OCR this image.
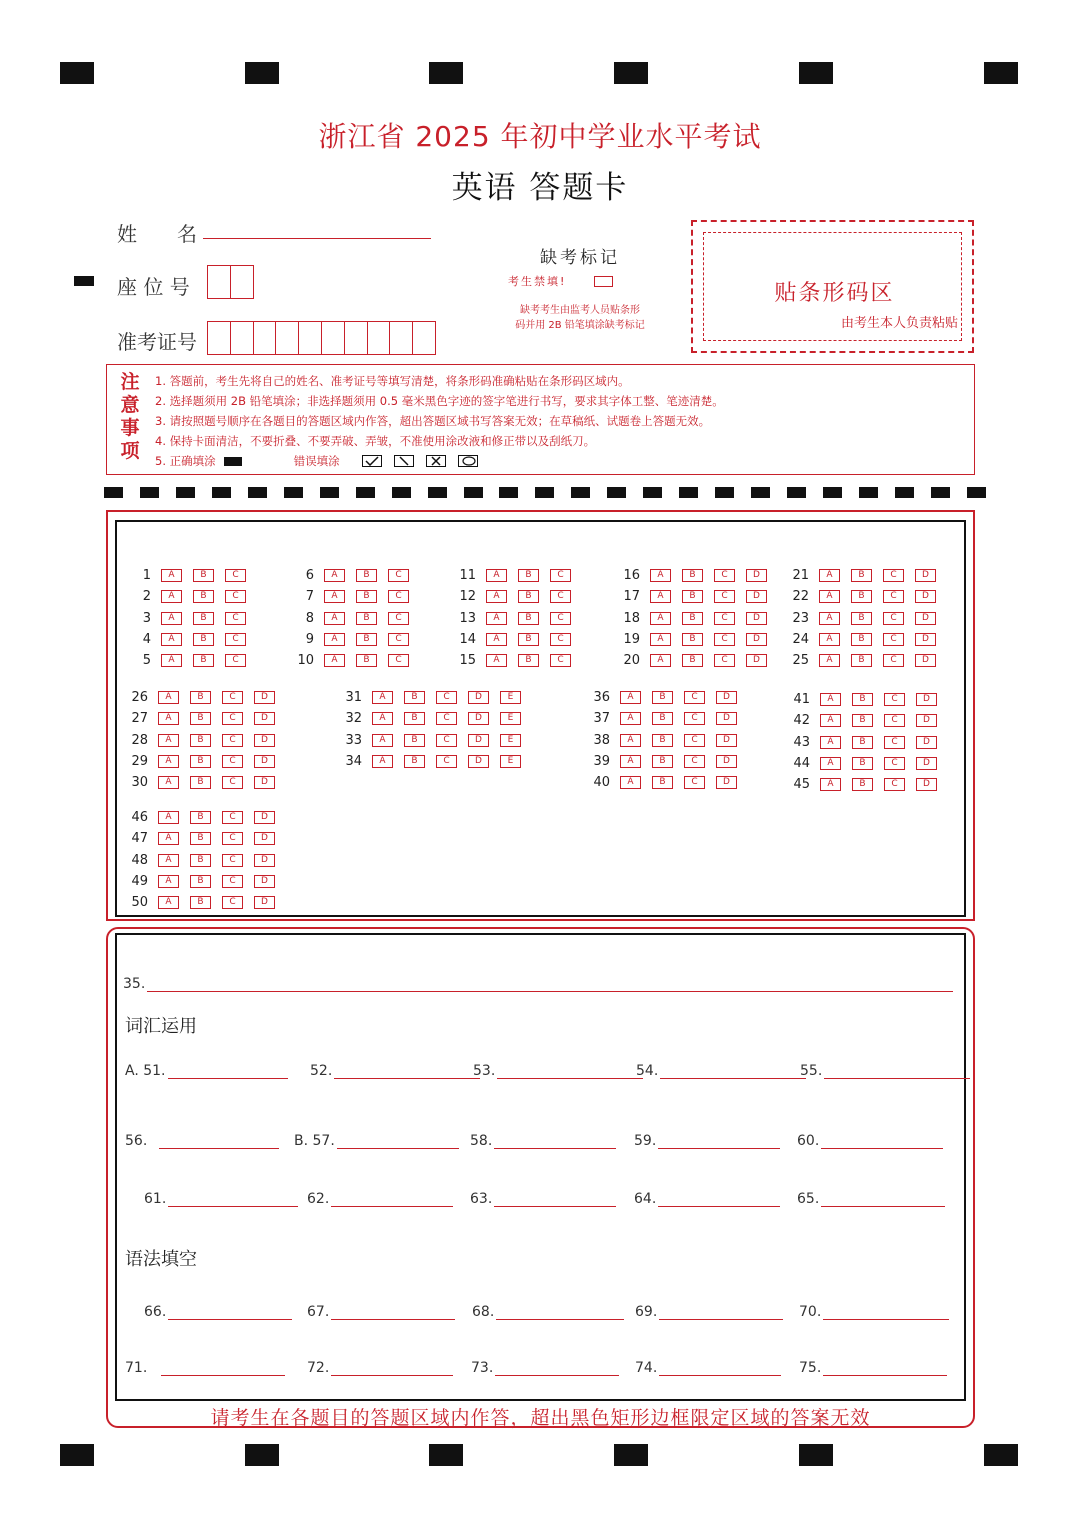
浙江省 2025 年初中学业水平考试
英语 答题卡
姓　　名
座 位 号
准考证号
缺考标记
考生禁填!
缺考考生由监考人员贴条形
码并用 2B 铅笔填涂缺考标记
贴条形码区
由考生本人负责粘贴
注
意
事
项
1. 答题前，考生先将自己的姓名、准考证号等填写清楚，将条形码准确粘贴在条形码区域内。
2. 选择题须用 2B 铅笔填涂；非选择题须用 0.5 毫米黑色字迹的签字笔进行书写，要求其字体工整、笔迹清楚。
3. 请按照题号顺序在各题目的答题区域内作答，超出答题区域书写答案无效；在草稿纸、试题卷上答题无效。
4. 保持卡面清洁，不要折叠、不要弄破、弄皱，不准使用涂改液和修正带以及刮纸刀。
5. 正确填涂	错误填涂
35.
词汇运用
语法填空
请考生在各题目的答题区域内作答，超出黑色矩形边框限定区域的答案无效
1	A	B	C
2	A	B	C
3	A	B	C
4	A	B	C
5	A	B	C
6	A	B	C
7	A	B	C
8	A	B	C
9	A	B	C
10	A	B	C
11	A	B	C
12	A	B	C
13	A	B	C
14	A	B	C
15	A	B	C
16	A	B	C	D
17	A	B	C	D
18	A	B	C	D
19	A	B	C	D
20	A	B	C	D
21	A	B	C	D
22	A	B	C	D
23	A	B	C	D
24	A	B	C	D
25	A	B	C	D
26	A	B	C	D
27	A	B	C	D
28	A	B	C	D
29	A	B	C	D
30	A	B	C	D
31	A	B	C	D	E
32	A	B	C	D	E
33	A	B	C	D	E
34	A	B	C	D	E
36	A	B	C	D
37	A	B	C	D
38	A	B	C	D
39	A	B	C	D
40	A	B	C	D
41	A	B	C	D
42	A	B	C	D
43	A	B	C	D
44	A	B	C	D
45	A	B	C	D
46	A	B	C	D
47	A	B	C	D
48	A	B	C	D
49	A	B	C	D
50	A	B	C	D
A. 51.	52.	53.	54.	55.
56.	B. 57.	58.	59.	60.
61.	62.	63.	64.	65.
66.	67.	68.	69.	70.
71.	72.	73.	74.	75.
